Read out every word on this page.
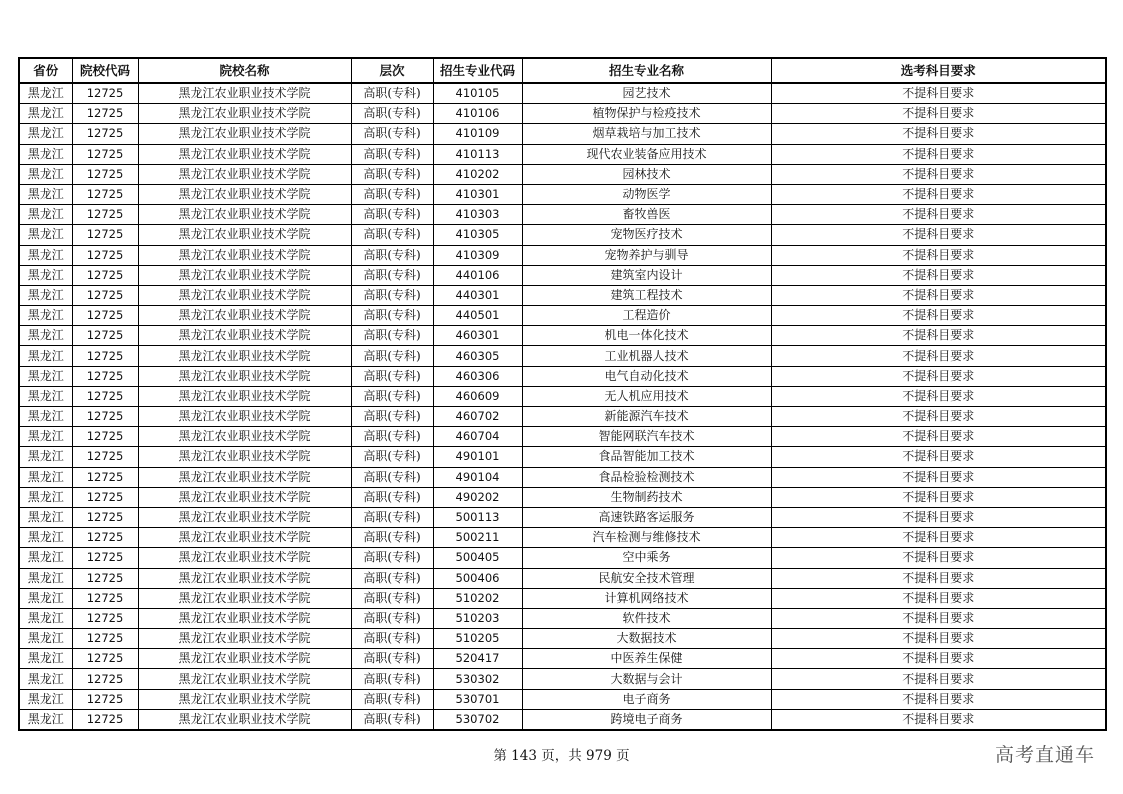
省份	院校代码	院校名称	层次	招生专业代码	招生专业名称	选考科目要求
黑龙江	12725	黑龙江农业职业技术学院	高职(专科)	410105	园艺技术	不提科目要求
黑龙江	12725	黑龙江农业职业技术学院	高职(专科)	410106	植物保护与检疫技术	不提科目要求
黑龙江	12725	黑龙江农业职业技术学院	高职(专科)	410109	烟草栽培与加工技术	不提科目要求
黑龙江	12725	黑龙江农业职业技术学院	高职(专科)	410113	现代农业装备应用技术	不提科目要求
黑龙江	12725	黑龙江农业职业技术学院	高职(专科)	410202	园林技术	不提科目要求
黑龙江	12725	黑龙江农业职业技术学院	高职(专科)	410301	动物医学	不提科目要求
黑龙江	12725	黑龙江农业职业技术学院	高职(专科)	410303	畜牧兽医	不提科目要求
黑龙江	12725	黑龙江农业职业技术学院	高职(专科)	410305	宠物医疗技术	不提科目要求
黑龙江	12725	黑龙江农业职业技术学院	高职(专科)	410309	宠物养护与驯导	不提科目要求
黑龙江	12725	黑龙江农业职业技术学院	高职(专科)	440106	建筑室内设计	不提科目要求
黑龙江	12725	黑龙江农业职业技术学院	高职(专科)	440301	建筑工程技术	不提科目要求
黑龙江	12725	黑龙江农业职业技术学院	高职(专科)	440501	工程造价	不提科目要求
黑龙江	12725	黑龙江农业职业技术学院	高职(专科)	460301	机电一体化技术	不提科目要求
黑龙江	12725	黑龙江农业职业技术学院	高职(专科)	460305	工业机器人技术	不提科目要求
黑龙江	12725	黑龙江农业职业技术学院	高职(专科)	460306	电气自动化技术	不提科目要求
黑龙江	12725	黑龙江农业职业技术学院	高职(专科)	460609	无人机应用技术	不提科目要求
黑龙江	12725	黑龙江农业职业技术学院	高职(专科)	460702	新能源汽车技术	不提科目要求
黑龙江	12725	黑龙江农业职业技术学院	高职(专科)	460704	智能网联汽车技术	不提科目要求
黑龙江	12725	黑龙江农业职业技术学院	高职(专科)	490101	食品智能加工技术	不提科目要求
黑龙江	12725	黑龙江农业职业技术学院	高职(专科)	490104	食品检验检测技术	不提科目要求
黑龙江	12725	黑龙江农业职业技术学院	高职(专科)	490202	生物制药技术	不提科目要求
黑龙江	12725	黑龙江农业职业技术学院	高职(专科)	500113	高速铁路客运服务	不提科目要求
黑龙江	12725	黑龙江农业职业技术学院	高职(专科)	500211	汽车检测与维修技术	不提科目要求
黑龙江	12725	黑龙江农业职业技术学院	高职(专科)	500405	空中乘务	不提科目要求
黑龙江	12725	黑龙江农业职业技术学院	高职(专科)	500406	民航安全技术管理	不提科目要求
黑龙江	12725	黑龙江农业职业技术学院	高职(专科)	510202	计算机网络技术	不提科目要求
黑龙江	12725	黑龙江农业职业技术学院	高职(专科)	510203	软件技术	不提科目要求
黑龙江	12725	黑龙江农业职业技术学院	高职(专科)	510205	大数据技术	不提科目要求
黑龙江	12725	黑龙江农业职业技术学院	高职(专科)	520417	中医养生保健	不提科目要求
黑龙江	12725	黑龙江农业职业技术学院	高职(专科)	530302	大数据与会计	不提科目要求
黑龙江	12725	黑龙江农业职业技术学院	高职(专科)	530701	电子商务	不提科目要求
黑龙江	12725	黑龙江农业职业技术学院	高职(专科)	530702	跨境电子商务	不提科目要求
第 143 页，共 979 页	高考直通车
